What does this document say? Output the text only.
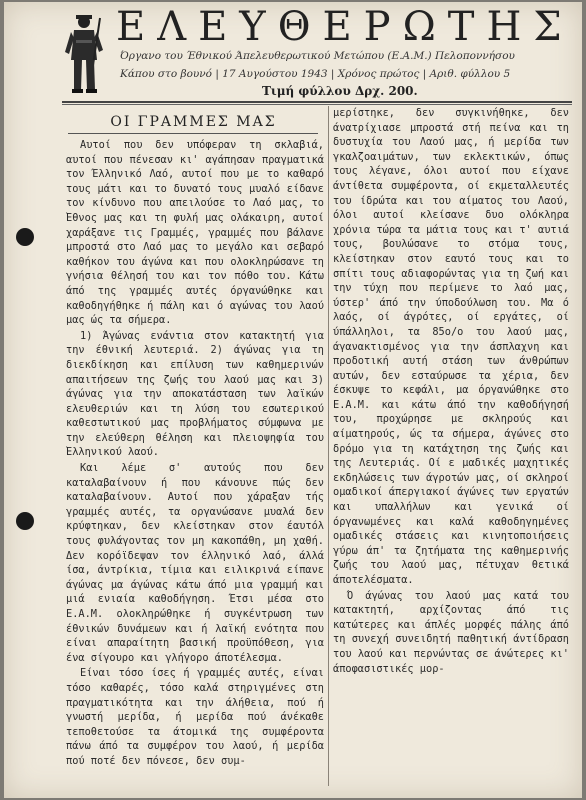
ΕΛΕΥΘΕΡΩΤΗΣ
Όργανο του Έθνικού Άπελευθερωτικού Μετώπου (Ε.Α.Μ.) Πελοποννήσου
Κάπου στο βουνό | 17 Αυγούστου 1943 | Χρόνος πρώτος | Αριθ. φύλλου 5
Τιμή φύλλου Δρχ. 200.
ΟΙ ΓΡΑΜΜΕΣ ΜΑΣ

Αυτοί που δεν υπόφεραν τη σκλαβιά, αυτοί που πένεσαν κι' αγάπησαν πραγματικά τον Έλληνικό Λαό, αυτοί που με το καθαρό τους μάτι και το δυνατό τους μυαλό είδανε τον κίνδυνο που απειλούσε το Λαό μας, το Έθνος μας και τη φυλή μας ολάκαιρη, αυτοί χαράξανε τις Γραμμές, γραμμές που βάλανε μπροστά στο Λαό μας το μεγάλο και σεβαρό καθήκον του άγώνα και που ολοκληρώσανε τη γνήσια θέλησή του και τον πόθο του. Κάτω άπό της γραμμές αυτές όργανώθηκε και καθοδηγήθηκε ή πάλη και ό αγώνας του λαού μας ώς τα σήμερα.

1) Άγώνας ενάντια στον κατακτητή για την έθνική λευτεριά. 2) άγώνας για τη διεκδίκηση και επίλυση των καθημερινών απαιτήσεων της ζωής του λαού μας και 3) άγώνας για την αποκατάσταση των λαϊκών ελευθεριών και τη λύση του εσωτερικού καθεστωτικού μας προβλήματος σύμφωνα με την ελεύθερη θέληση και πλειοψηφία του Έλληνικού λαού.

Και λέμε σ' αυτούς που δεν καταλαβαίνουν ή που κάνουνε πώς δεν καταλαβαίνουν. Αυτοί που χάραξαν τής γραμμές αυτές, τα οργανώσανε μυαλά δεν κρύφτηκαν, δεν κλείστηκαν στον έαυτόλ τους φυλάγοντας τον μη κακοπάθη, μη χαθή. Δεν κορόϊδεψαν τον έλληνικό λαό, άλλά ίσα, άντρίκια, τίμια και ειλικρινά είπανε άγώνας μα άγώνας κάτω άπό μια γραμμή και μιά ενιαία καθοδήγηση. Έτσι μέσα στο Ε.Α.Μ. ολοκληρώθηκε ή συγκέντρωση των έθνικών δυνάμεων και ή λαϊκή ενότητα που είναι απαραίτητη βασική προϋπόθεση, για ένα σίγουρο και γλήγορο άποτέλεσμα.

Είναι τόσο ίσες ή γραμμές αυτές, είναι τόσο καθαρές, τόσο καλά στηριγμένες στη πραγματικότητα και την άλήθεια, πού ή γνωστή μερίδα, ή μερίδα πού άνέκαθε τεποθετούσε τα άτομικά της συμφέροντα πάνω άπό τα συμφέρον του λαού, ή μερίδα πού ποτέ δεν πόνεσε, δεν συμ-

μερίστηκε, δεν συγκινήθηκε, δεν άνατρίχιασε μπροστά στή πείνα και τη δυστυχία του Λαού μας, ή μερίδα των γκαλζοαιμάτων, των εκλεκτικών, όπως τους λέγανε, όλοι αυτοί που είχανε άντίθετα συμφέροντα, οί εκμεταλλευτές του ίδρώτα και του αίματος του Λαού, όλοι αυτοί κλείσανε δυο ολόκληρα χρόνια τώρα τα μάτια τους και τ' αυτιά τους, βουλώσανε το στόμα τους, κλείστηκαν στον εαυτό τους και το σπίτι τους αδιαφορώντας για τη ζωή και την τύχη που περίμενε το λαό μας, ύστερ' άπό την ύποδούλωση του. Μα ό λαός, οί άγρότες, οί εργάτες, οί ύπάλληλοι, τα 85ο/ο του λαού μας, άγανακτισμένος για την άσπλαχνη και προδοτική αυτή στάση των άνθρώπων αυτών, δεν εσταύρωσε τα χέρια, δεν έσκυψε το κεφάλι, μα όργανώθηκε στο Ε.Α.Μ. και κάτω άπό την καθοδήγησή του, προχώρησε με σκληρούς και αίματηρούς, ώς τα σήμερα, άγώνες στο δρόμο για τη κατάχτηση της ζωής και της Λευτεριάς. Οί ε μαδικές μαχητικές εκδηλώσεις των άγροτών μας, οί σκληροί ομαδικοί άπεργιακοί άγώνες των εργατών και υπαλλήλων και γενικά οί όργανωμένες και καλά καθοδηγημένες ομαδικές στάσεις και κινητοποιήσεις γύρω άπ' τα ζητήματα της καθημερινής ζωής του λαού μας, πέτυχαν θετικά άποτελέσματα.

Ό άγώνας του λαού μας κατά του κατακτητή, αρχίζοντας άπό τις κατώτερες και άπλές μορφές πάλης άπό τη συνεχή συνειδητή παθητική άντίδραση του λαού και περνώντας σε άνώτερες κι' άποφασιστικές μορ-
